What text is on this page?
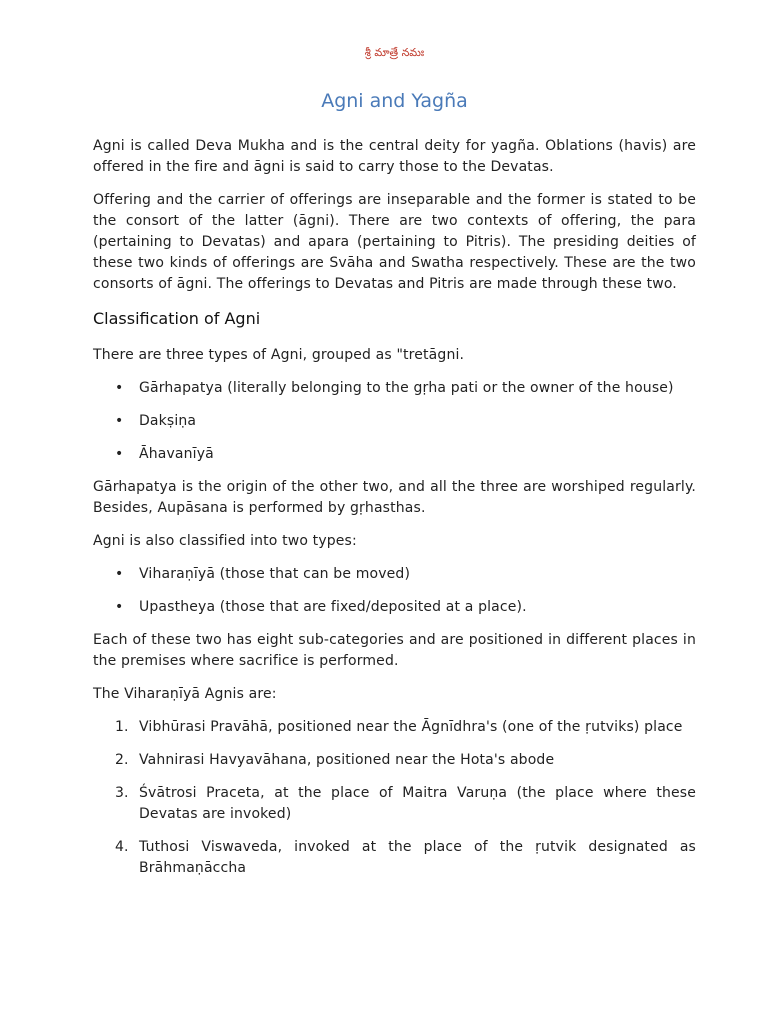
శ్రీ మాత్రే నమః
Agni and Yagña

Agni is called Deva Mukha and is the central deity for yagña. Oblations (havis) are offered in the fire and āgni is said to carry those to the Devatas.

Offering and the carrier of offerings are inseparable and the former is stated to be the consort of the latter (āgni). There are two contexts of offering, the para (pertaining to Devatas) and apara (pertaining to Pitris). The presiding deities of these two kinds of offerings are Svāha and Swatha respectively. These are the two consorts of āgni. The offerings to Devatas and Pitris are made through these two.

Classification of Agni

There are three types of Agni, grouped as "tretāgni.

• Gārhapatya (literally belonging to the gṛha pati or the owner of the house)
• Dakṣiṇa
• Āhavanīyā

Gārhapatya is the origin of the other two, and all the three are worshiped regularly. Besides, Aupāsana is performed by gṛhasthas.

Agni is also classified into two types:

• Viharaṇīyā (those that can be moved)
• Upastheya (those that are fixed/deposited at a place).

Each of these two has eight sub-categories and are positioned in different places in the premises where sacrifice is performed.

The Viharaṇīyā Agnis are:

1. Vibhūrasi Pravāhā, positioned near the Āgnīdhra's (one of the ṛutviks) place
2. Vahnirasi Havyavāhana, positioned near the Hota's abode
3. Śvātrosi Praceta, at the place of Maitra Varuṇa (the place where these Devatas are invoked)
4. Tuthosi Viswaveda, invoked at the place of the ṛutvik designated as Brāhmaṇāccha
